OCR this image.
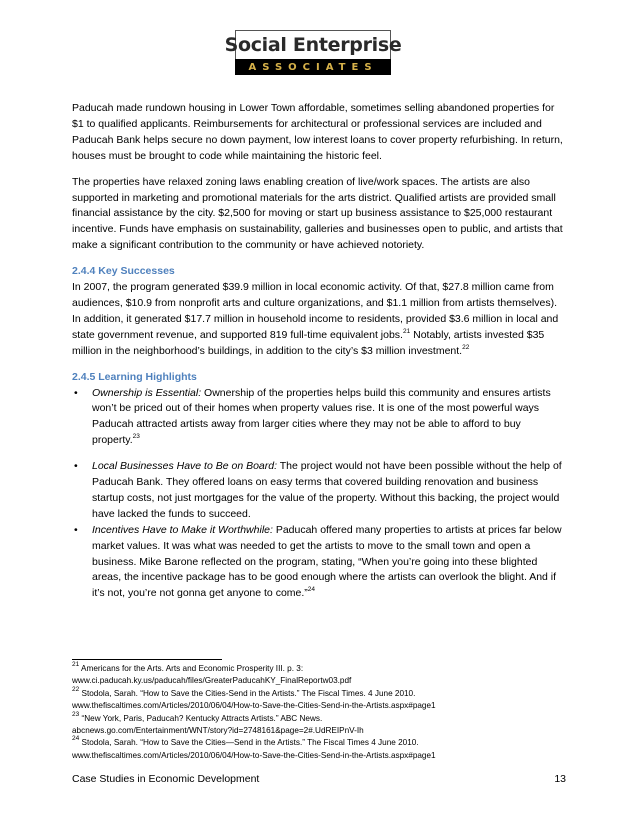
Social Enterprise
ASSOCIATES

Paducah made rundown housing in Lower Town affordable, sometimes selling abandoned properties for $1 to qualified applicants. Reimbursements for architectural or professional services are included and Paducah Bank helps secure no down payment, low interest loans to cover property refurbishing. In return, houses must be brought to code while maintaining the historic feel.

The properties have relaxed zoning laws enabling creation of live/work spaces. The artists are also supported in marketing and promotional materials for the arts district. Qualified artists are provided small financial assistance by the city. $2,500 for moving or start up business assistance to $25,000 restaurant incentive. Funds have emphasis on sustainability, galleries and businesses open to public, and artists that make a significant contribution to the community or have achieved notoriety.

2.4.4 Key Successes

In 2007, the program generated $39.9 million in local economic activity. Of that, $27.8 million came from audiences, $10.9 from nonprofit arts and culture organizations, and $1.1 million from artists themselves). In addition, it generated $17.7 million in household income to residents, provided $3.6 million in local and state government revenue, and supported 819 full-time equivalent jobs.$^{21}$ Notably, artists invested $35 million in the neighborhood’s buildings, in addition to the city’s $3 million investment.$^{22}$

2.4.5 Learning Highlights
• Ownership is Essential: Ownership of the properties helps build this community and ensures artists won’t be priced out of their homes when property values rise. It is one of the most powerful ways Paducah attracted artists away from larger cities where they may not be able to afford to buy property.$^{23}$
• Local Businesses Have to Be on Board: The project would not have been possible without the help of Paducah Bank. They offered loans on easy terms that covered building renovation and business startup costs, not just mortgages for the value of the property. Without this backing, the project would have lacked the funds to succeed.
• Incentives Have to Make it Worthwhile: Paducah offered many properties to artists at prices far below market values. It was what was needed to get the artists to move to the small town and open a business. Mike Barone reflected on the program, stating, “When you’re going into these blighted areas, the incentive package has to be good enough where the artists can overlook the blight. And if it’s not, you’re not gonna get anyone to come.”$^{24}$
$^{21}$ Americans for the Arts. Arts and Economic Prosperity III. p. 3:
www.ci.paducah.ky.us/paducah/files/GreaterPaducahKY_FinalReportw03.pdf
$^{22}$ Stodola, Sarah. “How to Save the Cities-Send in the Artists.” The Fiscal Times. 4 June 2010.
www.thefiscaltimes.com/Articles/2010/06/04/How-to-Save-the-Cities-Send-in-the-Artists.aspx#page1
$^{23}$ “New York, Paris, Paducah? Kentucky Attracts Artists.” ABC News.
abcnews.go.com/Entertainment/WNT/story?id=2748161&page=2#.UdREIPnV-Ih
$^{24}$ Stodola, Sarah. “How to Save the Cities—Send in the Artists.” The Fiscal Times 4 June 2010.
www.thefiscaltimes.com/Articles/2010/06/04/How-to-Save-the-Cities-Send-in-the-Artists.aspx#page1
Case Studies in Economic Development	13
